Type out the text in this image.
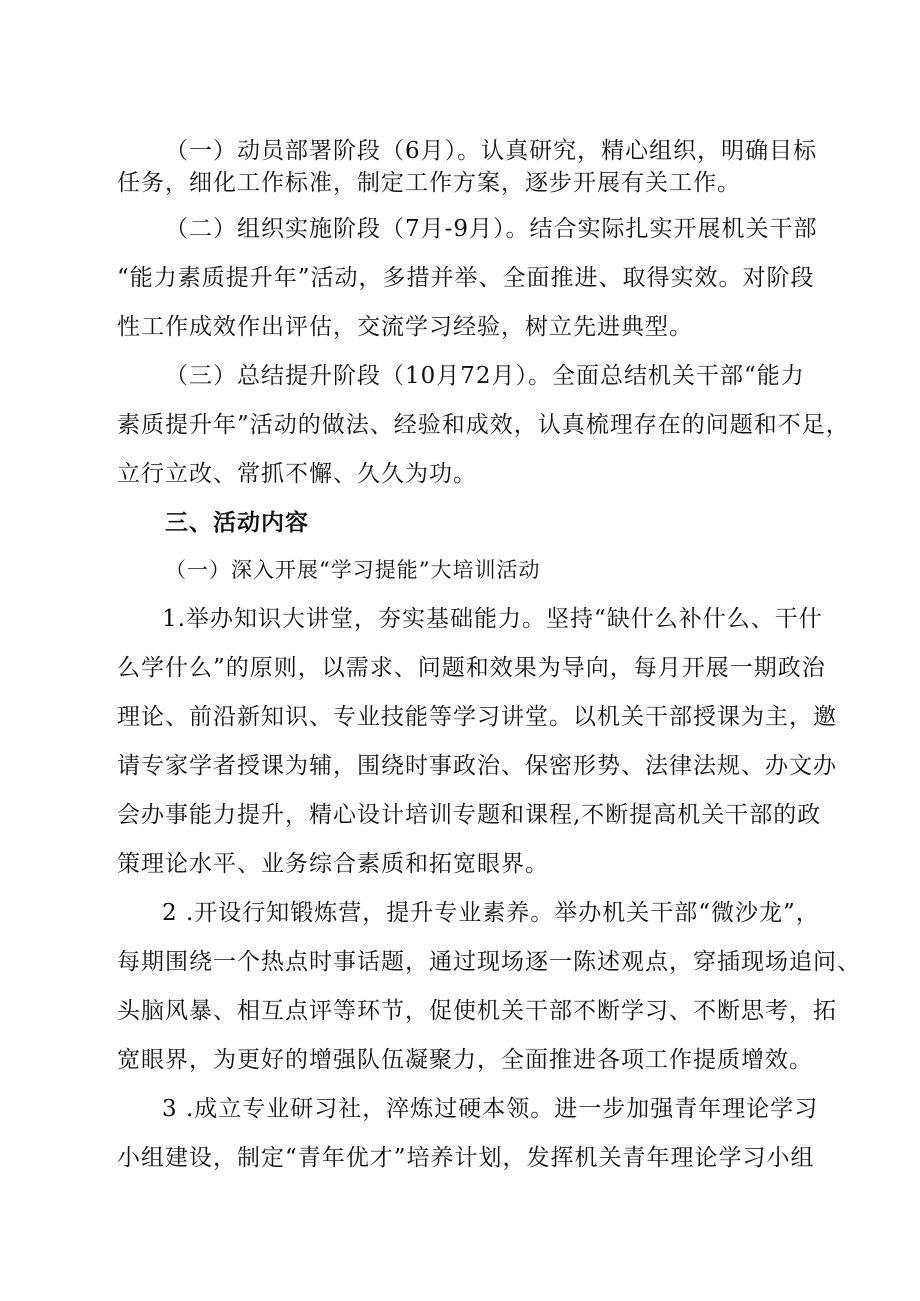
（一）动员部署阶段（6月）。认真研究，精心组织，明确目标
任务，细化工作标准，制定工作方案，逐步开展有关工作。
（二）组织实施阶段（7月-9月）。结合实际扎实开展机关干部
“能力素质提升年”活动，多措并举、全面推进、取得实效。对阶段
性工作成效作出评估，交流学习经验，树立先进典型。
（三）总结提升阶段（10月72月）。全面总结机关干部“能力
素质提升年”活动的做法、经验和成效，认真梳理存在的问题和不足，
立行立改、常抓不懈、久久为功。
三、活动内容
（一）深入开展“学习提能”大培训活动
1.举办知识大讲堂，夯实基础能力。坚持“缺什么补什么、干什
么学什么”的原则，以需求、问题和效果为导向，每月开展一期政治
理论、前沿新知识、专业技能等学习讲堂。以机关干部授课为主，邀
请专家学者授课为辅，围绕时事政治、保密形势、法律法规、办文办
会办事能力提升，精心设计培训专题和课程,不断提高机关干部的政
策理论水平、业务综合素质和拓宽眼界。
2 .开设行知锻炼营，提升专业素养。举办机关干部“微沙龙”，
每期围绕一个热点时事话题，通过现场逐一陈述观点，穿插现场追问、
头脑风暴、相互点评等环节，促使机关干部不断学习、不断思考，拓
宽眼界，为更好的增强队伍凝聚力，全面推进各项工作提质增效。
3 .成立专业研习社，淬炼过硬本领。进一步加强青年理论学习
小组建设，制定“青年优才”培养计划，发挥机关青年理论学习小组
